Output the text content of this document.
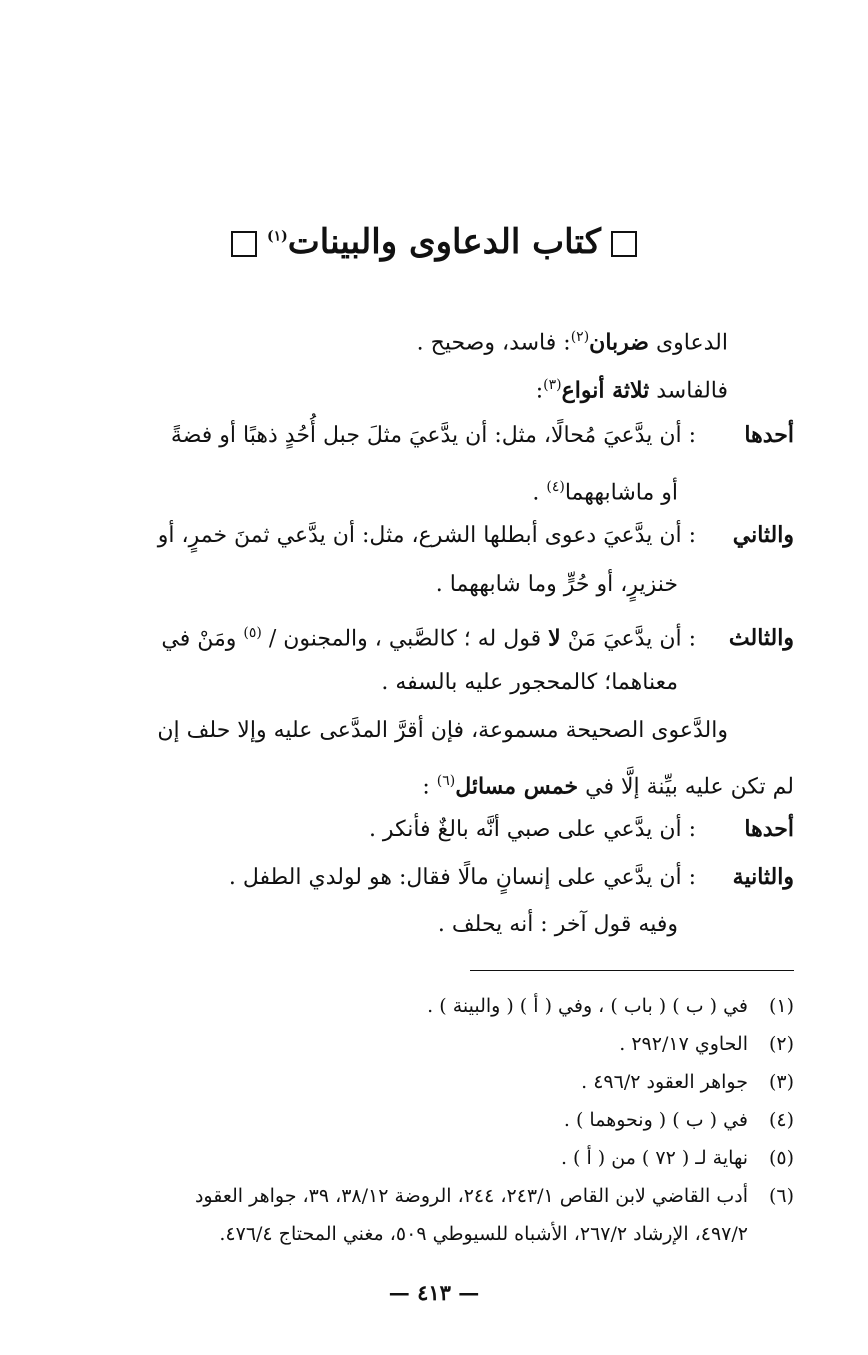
كتاب الدعاوى والبينات$^{(١)}$
الدعاوى ضربان$^{(٢)}$: فاسد، وصحيح .
فالفاسد ثلاثة أنواع$^{(٣)}$:
أحدها: أن يدَّعيَ مُحالًا، مثل: أن يدَّعيَ مثلَ جبل أُحُدٍ ذهبًا أو فضةً
أو ماشابههما$^{(٤)}$ .
والثاني: أن يدَّعيَ دعوى أبطلها الشرع، مثل: أن يدَّعي ثمنَ خمرٍ، أو
خنزيرٍ، أو حُرٍّ وما شابههما .
والثالث: أن يدَّعيَ مَنْ لا قول له ؛ كالصَّبي ، والمجنون / $^{(٥)}$ ومَنْ في
معناهما؛ كالمحجور عليه بالسفه .
والدَّعوى الصحيحة مسموعة، فإن أقرَّ المدَّعى عليه وإلا حلف إن
لم تكن عليه بيِّنة إلَّا في خمس مسائل$^{(٦)}$ :
أحدها: أن يدَّعي على صبي أنَّه بالغٌ فأنكر .
والثانية: أن يدَّعي على إنسانٍ مالًا فقال: هو لولدي الطفل .
وفيه قول آخر : أنه يحلف .
(١)في ( ب ) ( باب ) ، وفي ( أ ) ( والبينة ) .
(٢)الحاوي ٢٩٢/١٧ .
(٣)جواهر العقود ٤٩٦/٢ .
(٤)في ( ب ) ( ونحوهما ) .
(٥)نهاية لـ ( ٧٢ ) من ( أ ) .
(٦)أدب القاضي لابن القاص ٢٤٣/١، ٢٤٤، الروضة ٣٨/١٢، ٣٩، جواهر العقود
٤٩٧/٢، الإرشاد ٢٦٧/٢، الأشباه للسيوطي ٥٠٩، مغني المحتاج ٤٧٦/٤.
— ٤١٣ —
